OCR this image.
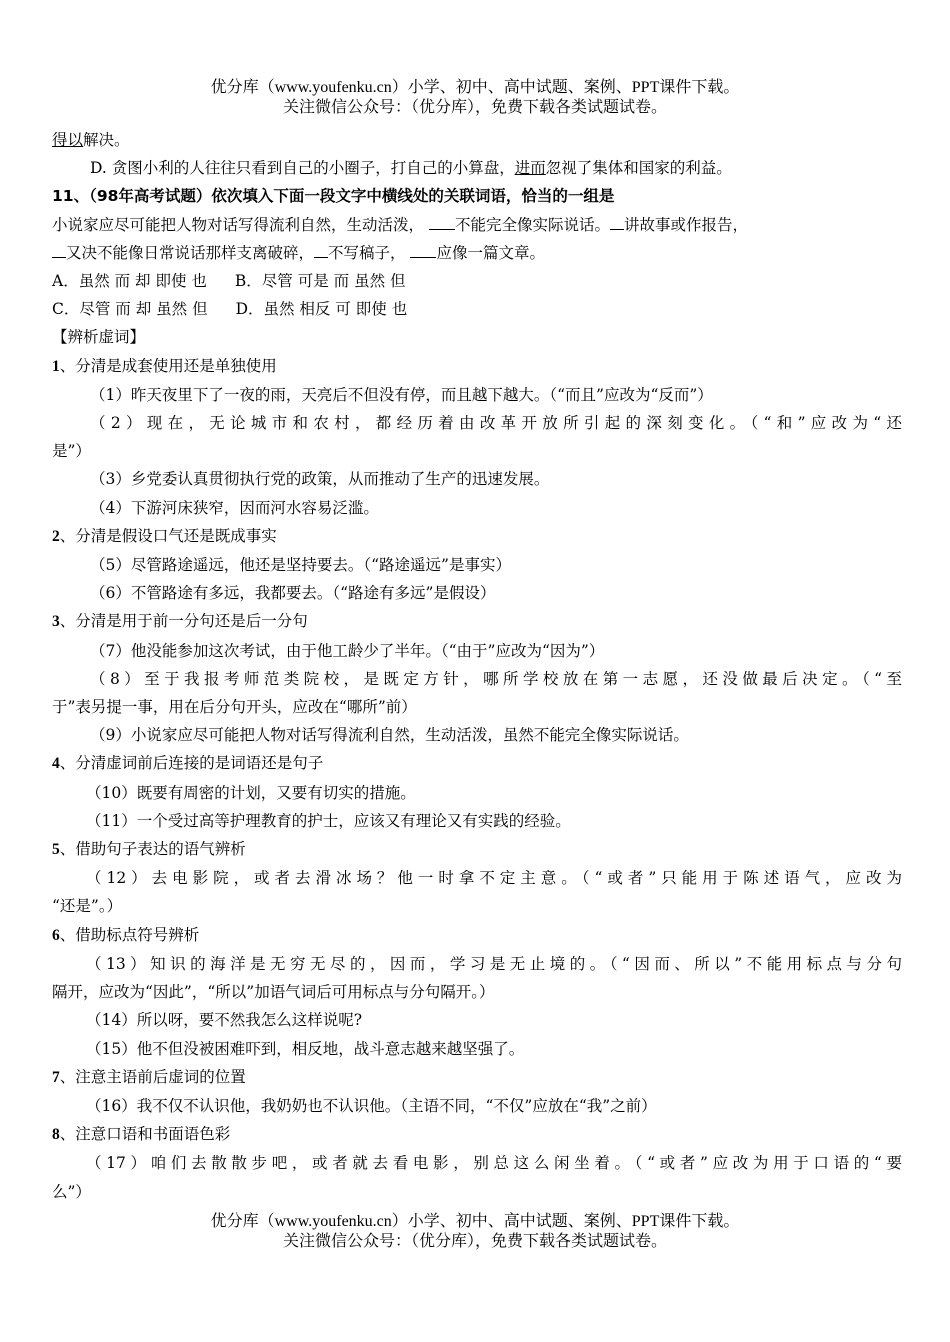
优分库（www.youfenku.cn）小学、初中、高中试题、案例、PPT课件下载。
关注微信公众号：（优分库），免费下载各类试题试卷。
得以解决。
D. 贪图小利的人往往只看到自己的小圈子，打自己的小算盘，进而忽视了集体和国家的利益。
11、（98年高考试题）依次填入下面一段文字中横线处的关联词语，恰当的一组是
小说家应尽可能把人物对话写得流利自然，生动活泼， 不能完全像实际说话。 讲故事或作报告，
又决不能像日常说话那样支离破碎， 不写稿子， 应像一篇文章。
A．虽然 而 却 即使 也 B．尽管 可是 而 虽然 但
C．尽管 而 却 虽然 但 D．虽然 相反 可 即使 也
【辨析虚词】
1、分清是成套使用还是单独使用
（1）昨天夜里下了一夜的雨，天亮后不但没有停，而且越下越大。（“而且”应改为“反而”）
（2）现在，无论城市和农村，都经历着由改革开放所引起的深刻变化。（“和”应改为“还
是”）
（3）乡党委认真贯彻执行党的政策，从而推动了生产的迅速发展。
（4）下游河床狭窄，因而河水容易泛滥。
2、分清是假设口气还是既成事实
（5）尽管路途遥远，他还是坚持要去。（“路途遥远”是事实）
（6）不管路途有多远，我都要去。（“路途有多远”是假设）
3、分清是用于前一分句还是后一分句
（7）他没能参加这次考试，由于他工龄少了半年。（“由于”应改为“因为”）
（8）至于我报考师范类院校，是既定方针，哪所学校放在第一志愿，还没做最后决定。（“至
于”表另提一事，用在后分句开头，应改在“哪所”前）
（9）小说家应尽可能把人物对话写得流利自然，生动活泼，虽然不能完全像实际说话。
4、分清虚词前后连接的是词语还是句子
（10）既要有周密的计划，又要有切实的措施。
（11）一个受过高等护理教育的护士，应该又有理论又有实践的经验。
5、借助句子表达的语气辨析
（12）去电影院，或者去滑冰场？他一时拿不定主意。（“或者”只能用于陈述语气，应改为
“还是”。）
6、借助标点符号辨析
（13）知识的海洋是无穷无尽的，因而，学习是无止境的。（“因而、所以”不能用标点与分句
隔开，应改为“因此”，“所以”加语气词后可用标点与分句隔开。）
（14）所以呀，要不然我怎么这样说呢?
（15）他不但没被困难吓到，相反地，战斗意志越来越坚强了。
7、注意主语前后虚词的位置
（16）我不仅不认识他，我奶奶也不认识他。（主语不同，“不仅”应放在“我”之前）
8、注意口语和书面语色彩
（17）咱们去散散步吧，或者就去看电影，别总这么闲坐着。（“或者”应改为用于口语的“要
么”）
优分库（www.youfenku.cn）小学、初中、高中试题、案例、PPT课件下载。
关注微信公众号：（优分库），免费下载各类试题试卷。
